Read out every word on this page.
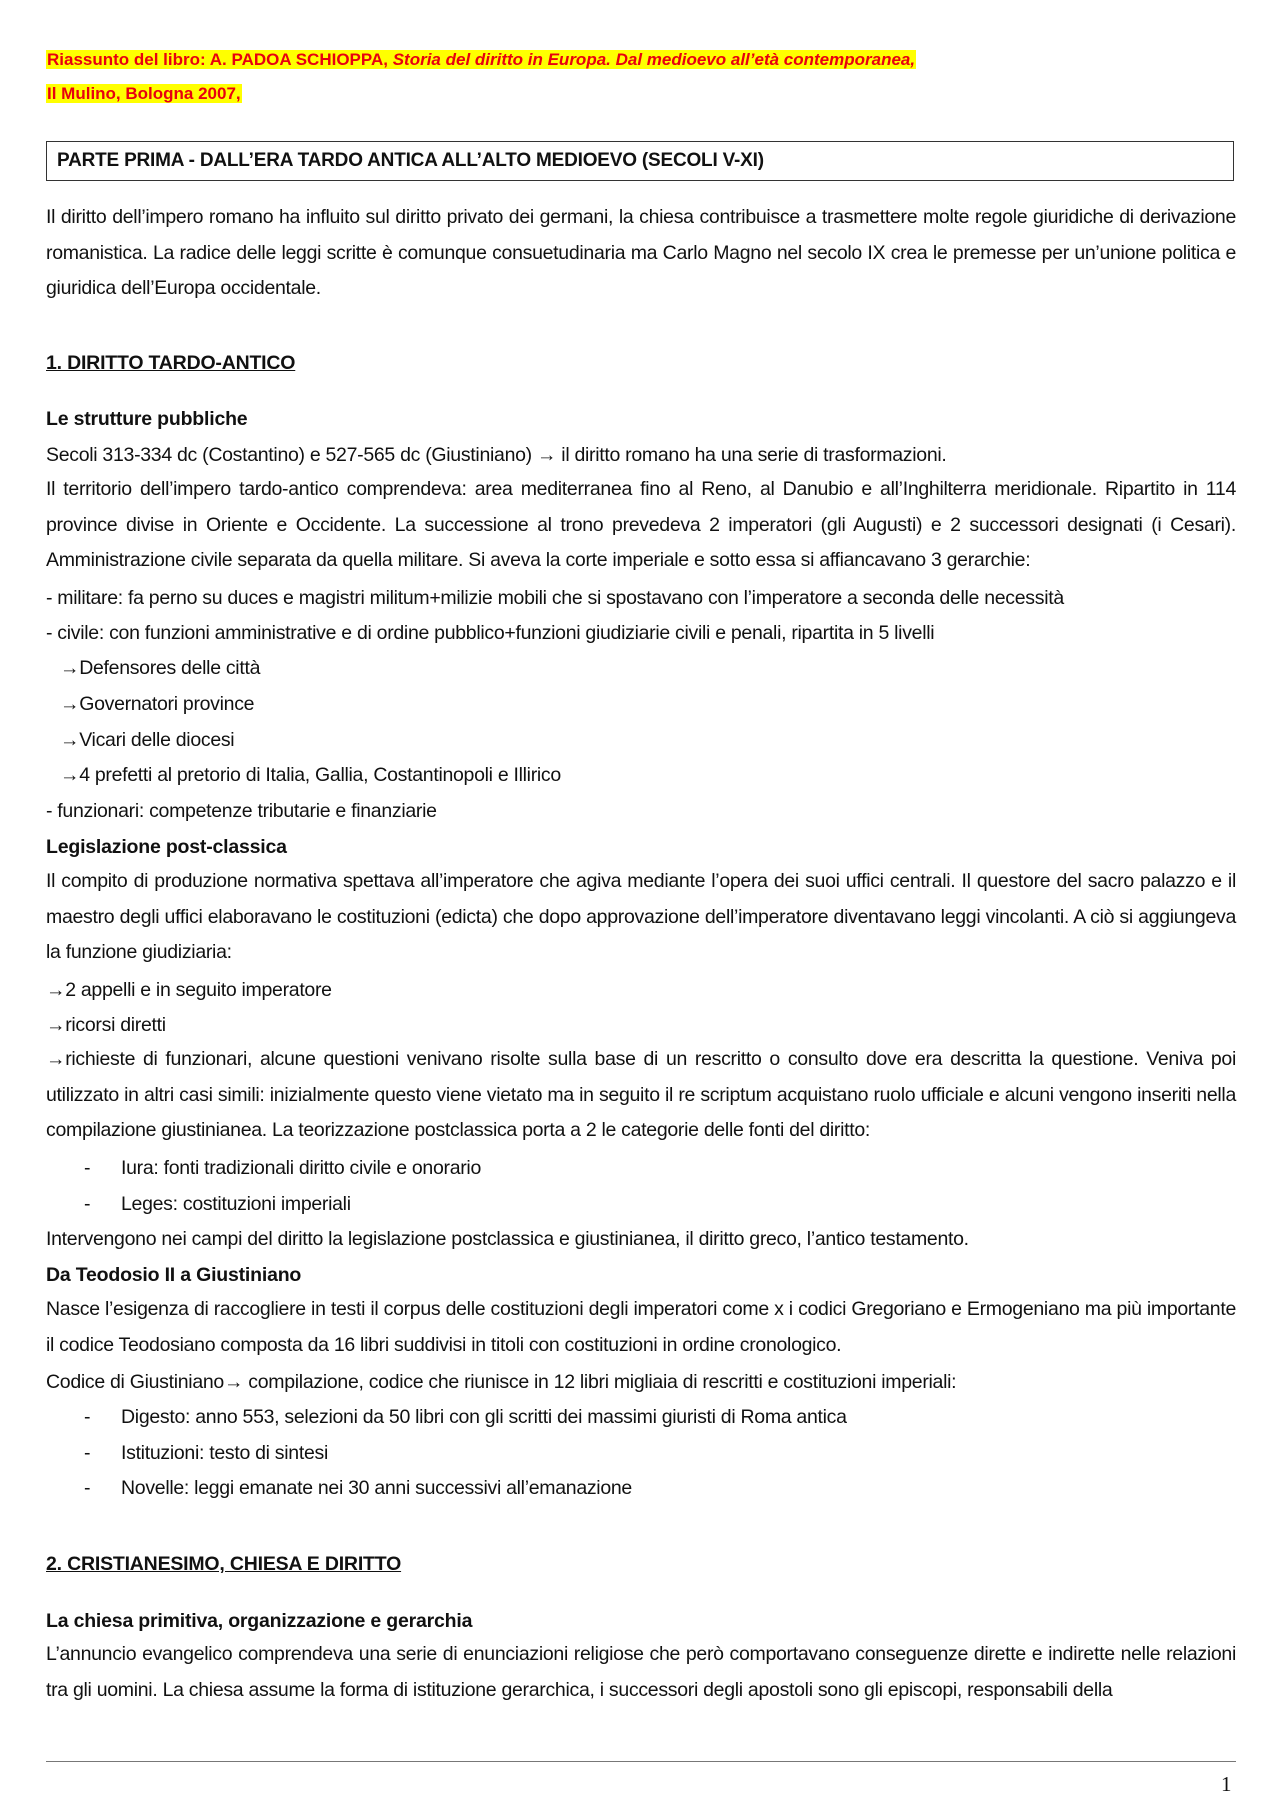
Riassunto del libro: A. PADOA SCHIOPPA, Storia del diritto in Europa. Dal medioevo all’età contemporanea,
Il Mulino, Bologna 2007,
PARTE PRIMA - DALL’ERA TARDO ANTICA ALL’ALTO MEDIOEVO (SECOLI V-XI)
Il diritto dell’impero romano ha influito sul diritto privato dei germani, la chiesa contribuisce a trasmettere molte regole giuridiche di derivazione romanistica. La radice delle leggi scritte è comunque consuetudinaria ma Carlo Magno nel secolo IX crea le premesse per un’unione politica e giuridica dell’Europa occidentale.
1. DIRITTO TARDO-ANTICO
Le strutture pubbliche
Secoli 313-334 dc (Costantino) e 527-565 dc (Giustiniano) → il diritto romano ha una serie di trasformazioni.
Il territorio dell’impero tardo-antico comprendeva: area mediterranea fino al Reno, al Danubio e all’Inghilterra meridionale. Ripartito in 114 province divise in Oriente e Occidente. La successione al trono prevedeva 2 imperatori (gli Augusti) e 2 successori designati (i Cesari). Amministrazione civile separata da quella militare. Si aveva la corte imperiale e sotto essa si affiancavano 3 gerarchie:
- militare: fa perno su duces e magistri militum+milizie mobili che si spostavano con l’imperatore a seconda delle necessità
- civile: con funzioni amministrative e di ordine pubblico+funzioni giudiziarie civili e penali, ripartita in 5 livelli
→Defensores delle città
→Governatori province
→Vicari delle diocesi
→4 prefetti al pretorio di Italia, Gallia, Costantinopoli e Illirico
- funzionari: competenze tributarie e finanziarie
Legislazione post-classica
Il compito di produzione normativa spettava all’imperatore che agiva mediante l’opera dei suoi uffici centrali. Il questore del sacro palazzo e il maestro degli uffici elaboravano le costituzioni (edicta) che dopo approvazione dell’imperatore diventavano leggi vincolanti. A ciò si aggiungeva la funzione giudiziaria:
→2 appelli e in seguito imperatore
→ricorsi diretti
→richieste di funzionari, alcune questioni venivano risolte sulla base di un rescritto o consulto dove era descritta la questione. Veniva poi utilizzato in altri casi simili: inizialmente questo viene vietato ma in seguito il re scriptum acquistano ruolo ufficiale e alcuni vengono inseriti nella compilazione giustinianea. La teorizzazione postclassica porta a 2 le categorie delle fonti del diritto:
- Iura: fonti tradizionali diritto civile e onorario
- Leges: costituzioni imperiali
Intervengono nei campi del diritto la legislazione postclassica e giustinianea, il diritto greco, l’antico testamento.
Da Teodosio II a Giustiniano
Nasce l’esigenza di raccogliere in testi il corpus delle costituzioni degli imperatori come x i codici Gregoriano e Ermogeniano ma più importante il codice Teodosiano composta da 16 libri suddivisi in titoli con costituzioni in ordine cronologico.
Codice di Giustiniano→ compilazione, codice che riunisce in 12 libri migliaia di rescritti e costituzioni imperiali:
- Digesto: anno 553, selezioni da 50 libri con gli scritti dei massimi giuristi di Roma antica
- Istituzioni: testo di sintesi
- Novelle: leggi emanate nei 30 anni successivi all’emanazione
2. CRISTIANESIMO, CHIESA E DIRITTO
La chiesa primitiva, organizzazione e gerarchia
L’annuncio evangelico comprendeva una serie di enunciazioni religiose che però comportavano conseguenze dirette e indirette nelle relazioni tra gli uomini. La chiesa assume la forma di istituzione gerarchica, i successori degli apostoli sono gli episcopi, responsabili della
1
